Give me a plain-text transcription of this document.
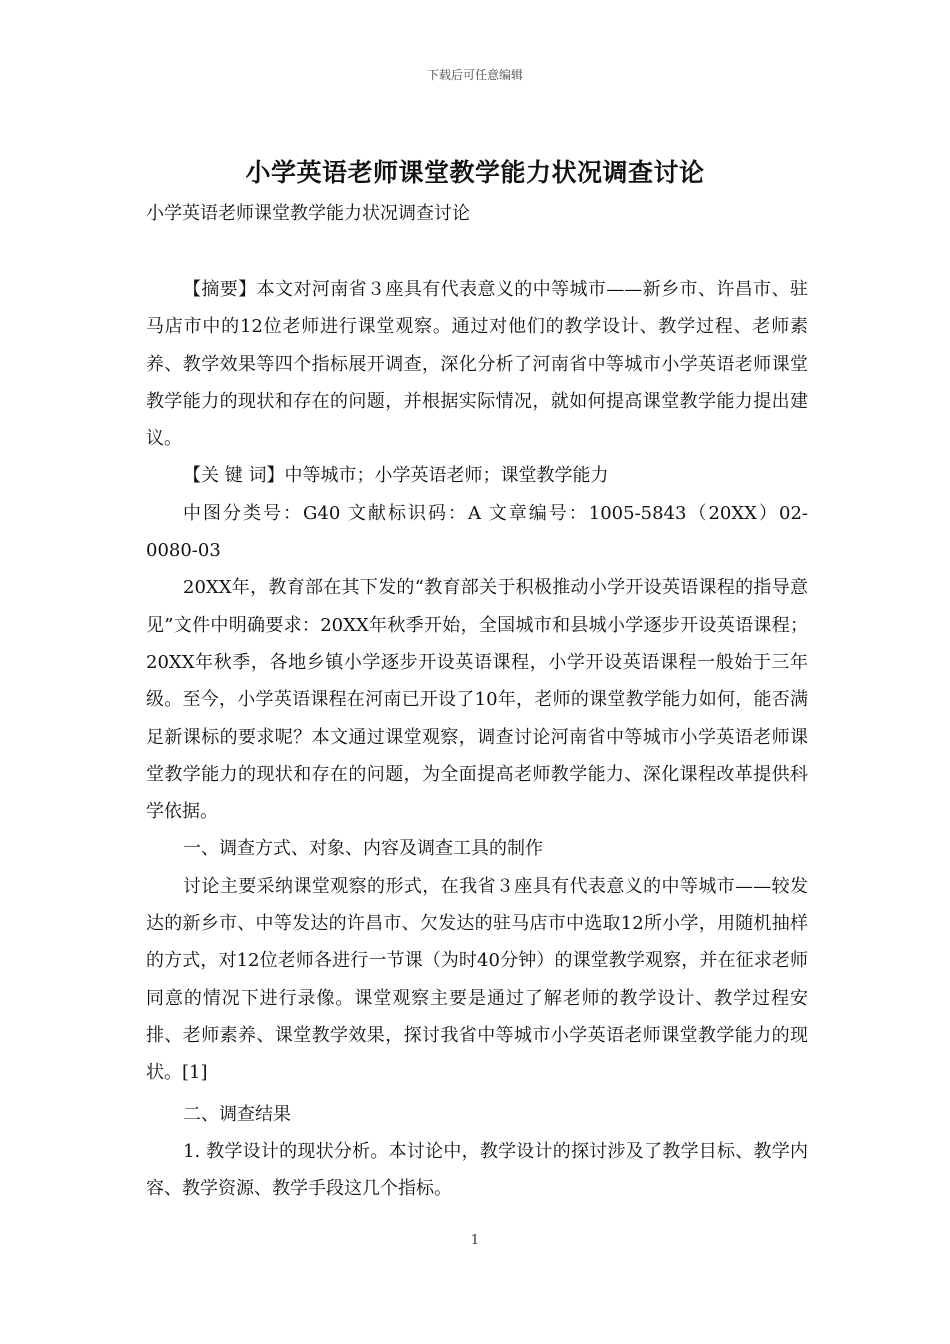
下载后可任意编辑
小学英语老师课堂教学能力状况调查讨论
小学英语老师课堂教学能力状况调查讨论

【摘要】本文对河南省３座具有代表意义的中等城市——新乡市、许昌市、驻马店市中的12位老师进行课堂观察。通过对他们的教学设计、教学过程、老师素养、教学效果等四个指标展开调查，深化分析了河南省中等城市小学英语老师课堂教学能力的现状和存在的问题，并根据实际情况，就如何提高课堂教学能力提出建议。

【关 键 词】中等城市；小学英语老师；课堂教学能力

中图分类号：G40 文献标识码：A 文章编号：1005-5843（20XX）02-0080-03

20XX年，教育部在其下发的“教育部关于积极推动小学开设英语课程的指导意见”文件中明确要求：20XX年秋季开始，全国城市和县城小学逐步开设英语课程；20XX年秋季，各地乡镇小学逐步开设英语课程，小学开设英语课程一般始于三年级。至今，小学英语课程在河南已开设了10年，老师的课堂教学能力如何，能否满足新课标的要求呢？本文通过课堂观察，调查讨论河南省中等城市小学英语老师课堂教学能力的现状和存在的问题，为全面提高老师教学能力、深化课程改革提供科学依据。

一、调查方式、对象、内容及调查工具的制作

讨论主要采纳课堂观察的形式，在我省３座具有代表意义的中等城市——较发达的新乡市、中等发达的许昌市、欠发达的驻马店市中选取12所小学，用随机抽样的方式，对12位老师各进行一节课（为时40分钟）的课堂教学观察，并在征求老师同意的情况下进行录像。课堂观察主要是通过了解老师的教学设计、教学过程安排、老师素养、课堂教学效果，探讨我省中等城市小学英语老师课堂教学能力的现状。[1]

二、调查结果

1. 教学设计的现状分析。本讨论中，教学设计的探讨涉及了教学目标、教学内容、教学资源、教学手段这几个指标。

1
